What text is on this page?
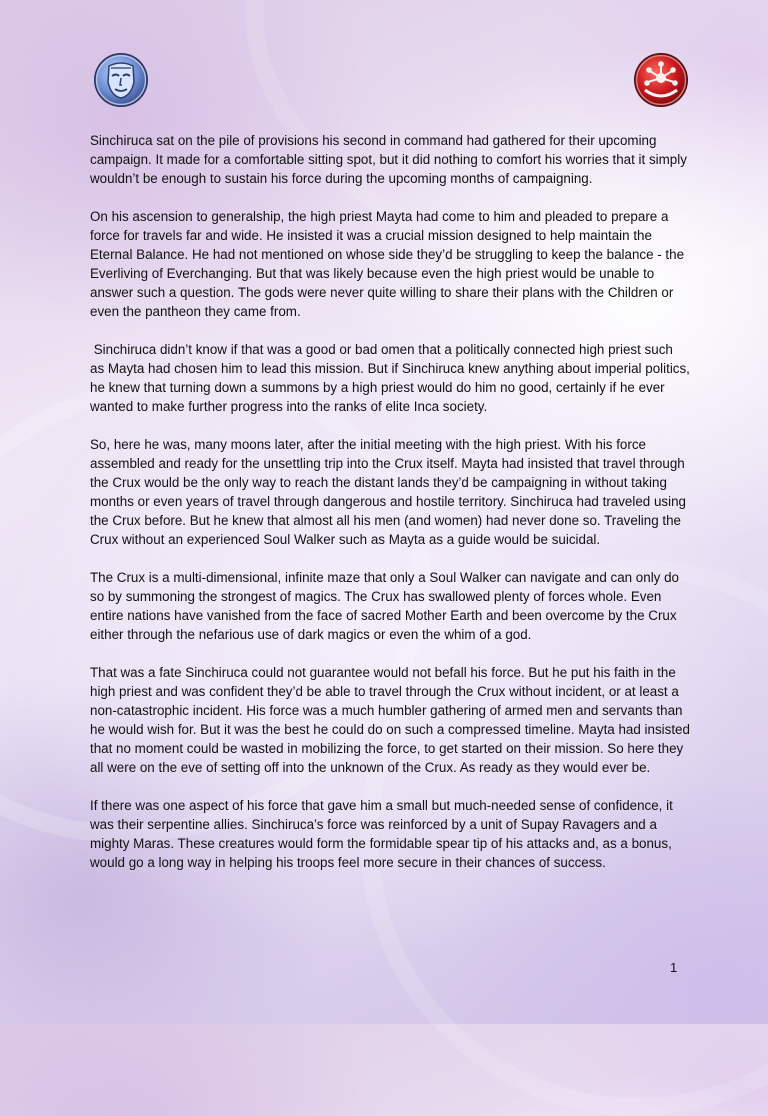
Sinchiruca sat on the pile of provisions his second in command had gathered for their upcoming campaign. It made for a comfortable sitting spot, but it did nothing to comfort his worries that it simply wouldn’t be enough to sustain his force during the upcoming months of campaigning.

On his ascension to generalship, the high priest Mayta had come to him and pleaded to prepare a force for travels far and wide. He insisted it was a crucial mission designed to help maintain the Eternal Balance. He had not mentioned on whose side they’d be struggling to keep the balance - the Everliving of Everchanging. But that was likely because even the high priest would be unable to answer such a question. The gods were never quite willing to share their plans with the Children or even the pantheon they came from.

Sinchiruca didn’t know if that was a good or bad omen that a politically connected high priest such as Mayta had chosen him to lead this mission. But if Sinchiruca knew anything about imperial politics, he knew that turning down a summons by a high priest would do him no good, certainly if he ever wanted to make further progress into the ranks of elite Inca society.

So, here he was, many moons later, after the initial meeting with the high priest. With his force assembled and ready for the unsettling trip into the Crux itself. Mayta had insisted that travel through the Crux would be the only way to reach the distant lands they’d be campaigning in without taking months or even years of travel through dangerous and hostile territory. Sinchiruca had traveled using the Crux before. But he knew that almost all his men (and women) had never done so. Traveling the Crux without an experienced Soul Walker such as Mayta as a guide would be suicidal.

The Crux is a multi-dimensional, infinite maze that only a Soul Walker can navigate and can only do so by summoning the strongest of magics. The Crux has swallowed plenty of forces whole. Even entire nations have vanished from the face of sacred Mother Earth and been overcome by the Crux either through the nefarious use of dark magics or even the whim of a god.

That was a fate Sinchiruca could not guarantee would not befall his force. But he put his faith in the high priest and was confident they’d be able to travel through the Crux without incident, or at least a non-catastrophic incident. His force was a much humbler gathering of armed men and servants than he would wish for. But it was the best he could do on such a compressed timeline. Mayta had insisted that no moment could be wasted in mobilizing the force, to get started on their mission. So here they all were on the eve of setting off into the unknown of the Crux. As ready as they would ever be.

If there was one aspect of his force that gave him a small but much-needed sense of confidence, it was their serpentine allies. Sinchiruca’s force was reinforced by a unit of Supay Ravagers and a mighty Maras. These creatures would form the formidable spear tip of his attacks and, as a bonus, would go a long way in helping his troops feel more secure in their chances of success.

1
